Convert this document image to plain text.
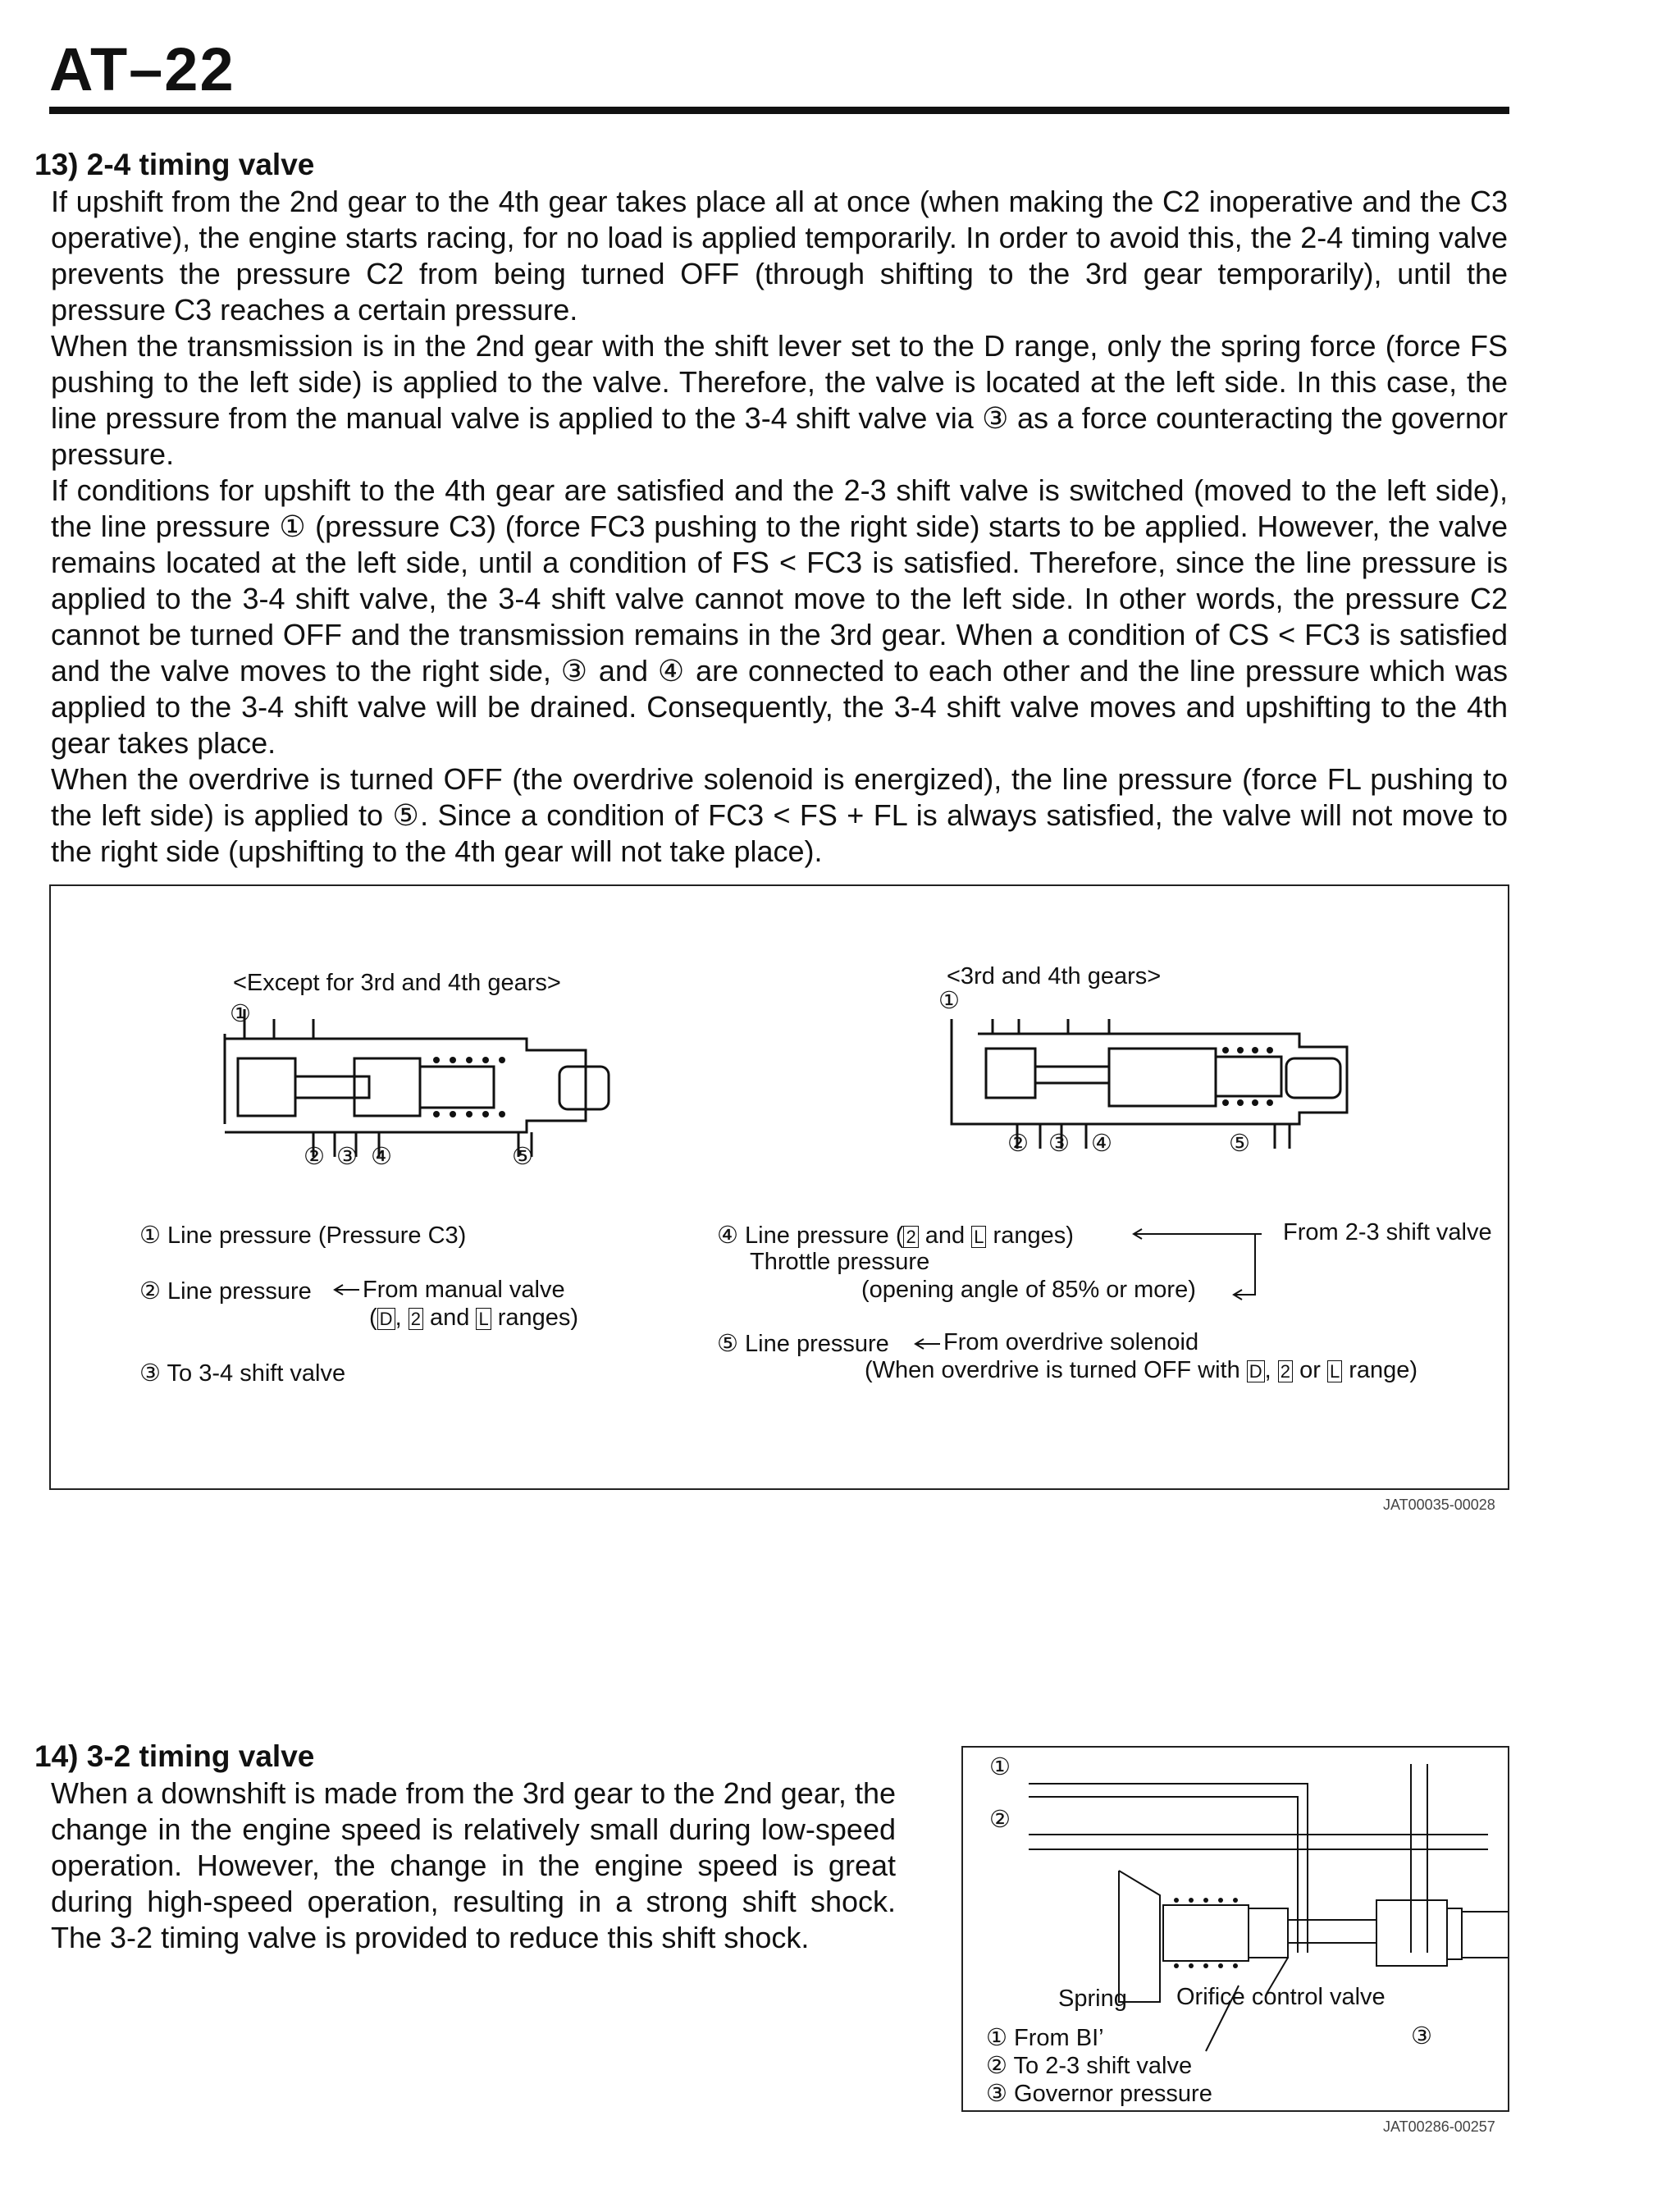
AT–22
13) 2-4 timing valve

If upshift from the 2nd gear to the 4th gear takes place all at once (when making the C2 inoperative and the C3 operative), the engine starts racing, for no load is applied temporarily. In order to avoid this, the 2-4 timing valve prevents the pressure C2 from being turned OFF (through shifting to the 3rd gear temporarily), until the pressure C3 reaches a certain pressure.

When the transmission is in the 2nd gear with the shift lever set to the D range, only the spring force (force FS pushing to the left side) is applied to the valve. Therefore, the valve is located at the left side. In this case, the line pressure from the manual valve is applied to the 3-4 shift valve via ③ as a force counteracting the governor pressure.

If conditions for upshift to the 4th gear are satisfied and the 2-3 shift valve is switched (moved to the left side), the line pressure ① (pressure C3) (force FC3 pushing to the right side) starts to be applied. However, the valve remains located at the left side, until a condition of FS < FC3 is satisfied. Therefore, since the line pressure is applied to the 3-4 shift valve, the 3-4 shift valve cannot move to the left side. In other words, the pressure C2 cannot be turned OFF and the transmission remains in the 3rd gear. When a condition of CS < FC3 is satisfied and the valve moves to the right side, ③ and ④ are connected to each other and the line pressure which was applied to the 3-4 shift valve will be drained. Consequently, the 3-4 shift valve moves and upshifting to the 4th gear takes place.

When the overdrive is turned OFF (the overdrive solenoid is energized), the line pressure (force FL pushing to the left side) is applied to ⑤. Since a condition of FC3 < FS + FL is always satisfied, the valve will not move to the right side (upshifting to the 4th gear will not take place).

<Except for 3rd and 4th gears>	<3rd and 4th gears>
①
② ③ ④	⑤
①
② ③ ④	⑤
① Line pressure (Pressure C3)
② Line pressure From manual valve
( D , 2 and L ranges)
③ To 3-4 shift valve
④ Line pressure ( 2 and L ranges)	From 2-3 shift valve
Throttle pressure
(opening angle of 85% or more)
⑤ Line pressure From overdrive solenoid
(When overdrive is turned OFF with D , 2 or L range)
JAT00035-00028
14) 3-2 timing valve

When a downshift is made from the 3rd gear to the 2nd gear, the change in the engine speed is relatively small during low-speed operation. However, the change in the engine speed is great during high-speed operation, resulting in a strong shift shock. The 3-2 timing valve is provided to reduce this shift shock.

①
②
Spring Orifice control valve
③
① From BI’
② To 2-3 shift valve
③ Governor pressure
JAT00286-00257
